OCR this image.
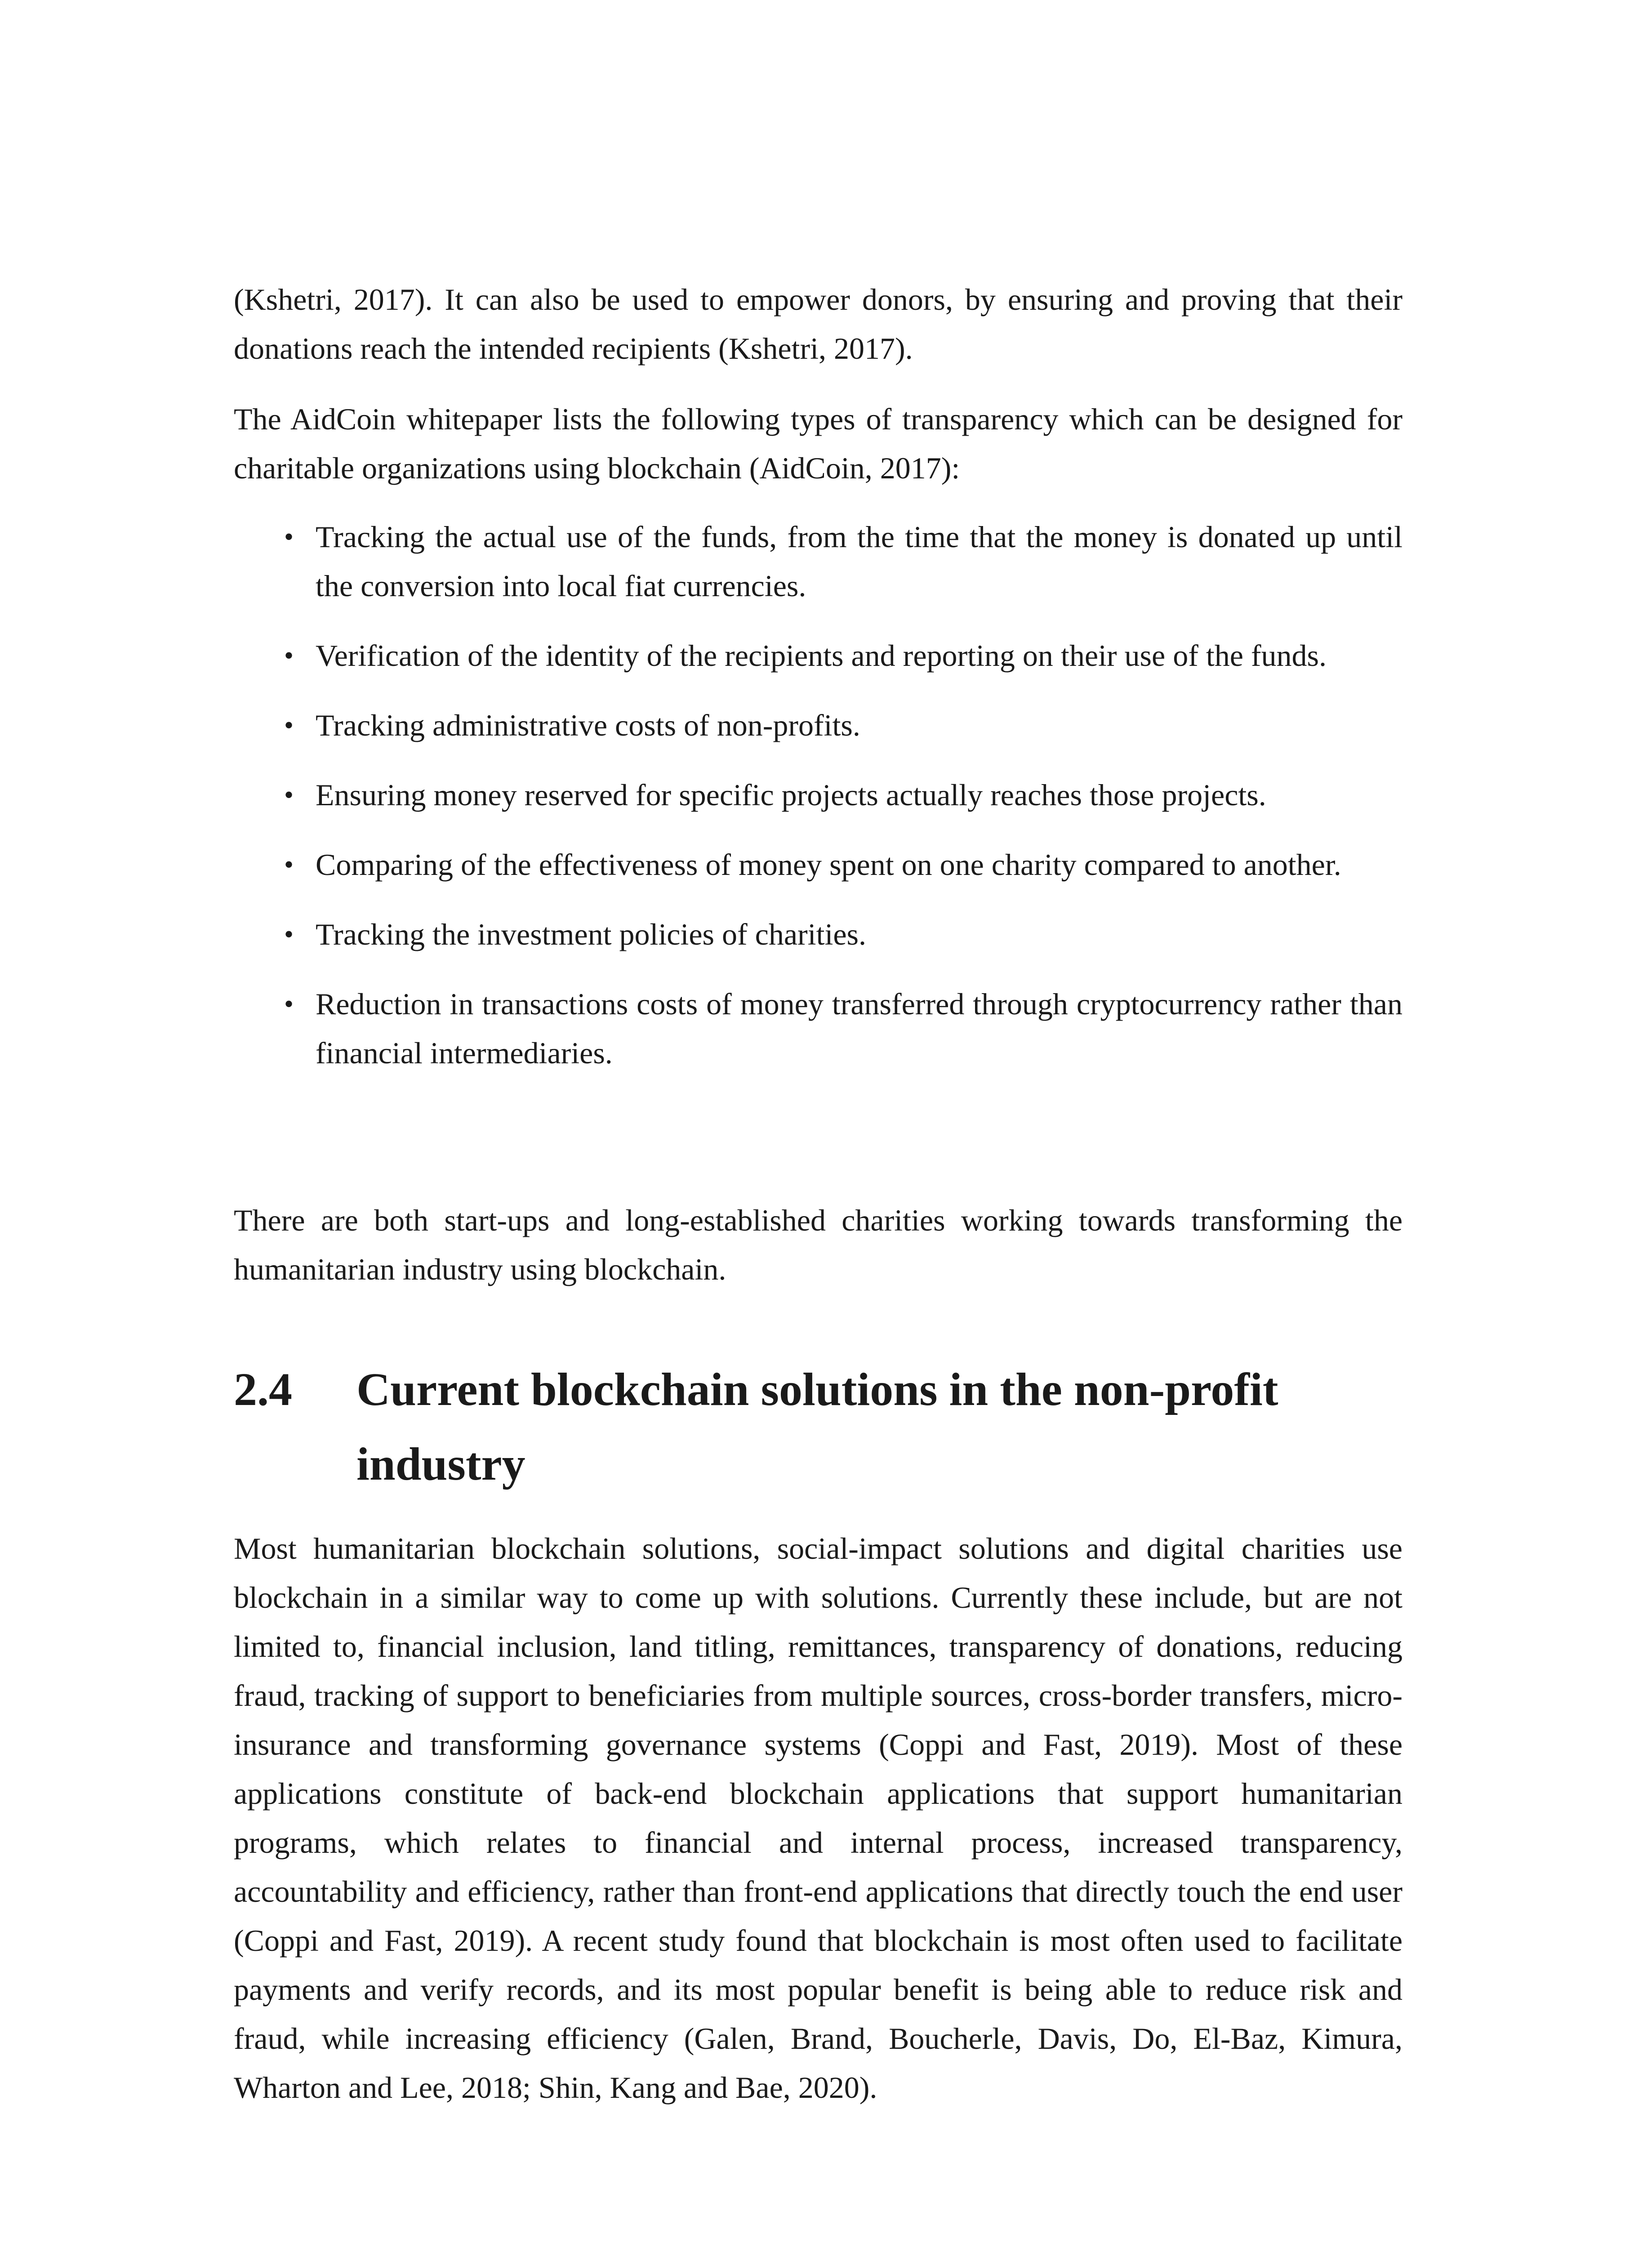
(Kshetri, 2017). It can also be used to empower donors, by ensuring and proving that their donations reach the intended recipients (Kshetri, 2017).

The AidCoin whitepaper lists the following types of transparency which can be designed for charitable organizations using blockchain (AidCoin, 2017):

• Tracking the actual use of the funds, from the time that the money is donated up until the conversion into local fiat currencies.
• Verification of the identity of the recipients and reporting on their use of the funds.
• Tracking administrative costs of non-profits.
• Ensuring money reserved for specific projects actually reaches those projects.
• Comparing of the effectiveness of money spent on one charity compared to another.
• Tracking the investment policies of charities.
• Reduction in transactions costs of money transferred through cryptocurrency rather than financial intermediaries.

There are both start-ups and long-established charities working towards transforming the humanitarian industry using blockchain.

2.4 Current blockchain solutions in the non-profit industry

Most humanitarian blockchain solutions, social-impact solutions and digital charities use blockchain in a similar way to come up with solutions. Currently these include, but are not limited to, financial inclusion, land titling, remittances, transparency of donations, reducing fraud, tracking of support to beneficiaries from multiple sources, cross-border transfers, micro-insurance and transforming governance systems (Coppi and Fast, 2019). Most of these applications constitute of back-end blockchain applications that support humanitarian programs, which relates to financial and internal process, increased transparency, accountability and efficiency, rather than front-end applications that directly touch the end user (Coppi and Fast, 2019). A recent study found that blockchain is most often used to facilitate payments and verify records, and its most popular benefit is being able to reduce risk and fraud, while increasing efficiency (Galen, Brand, Boucherle, Davis, Do, El-Baz, Kimura, Wharton and Lee, 2018; Shin, Kang and Bae, 2020).
